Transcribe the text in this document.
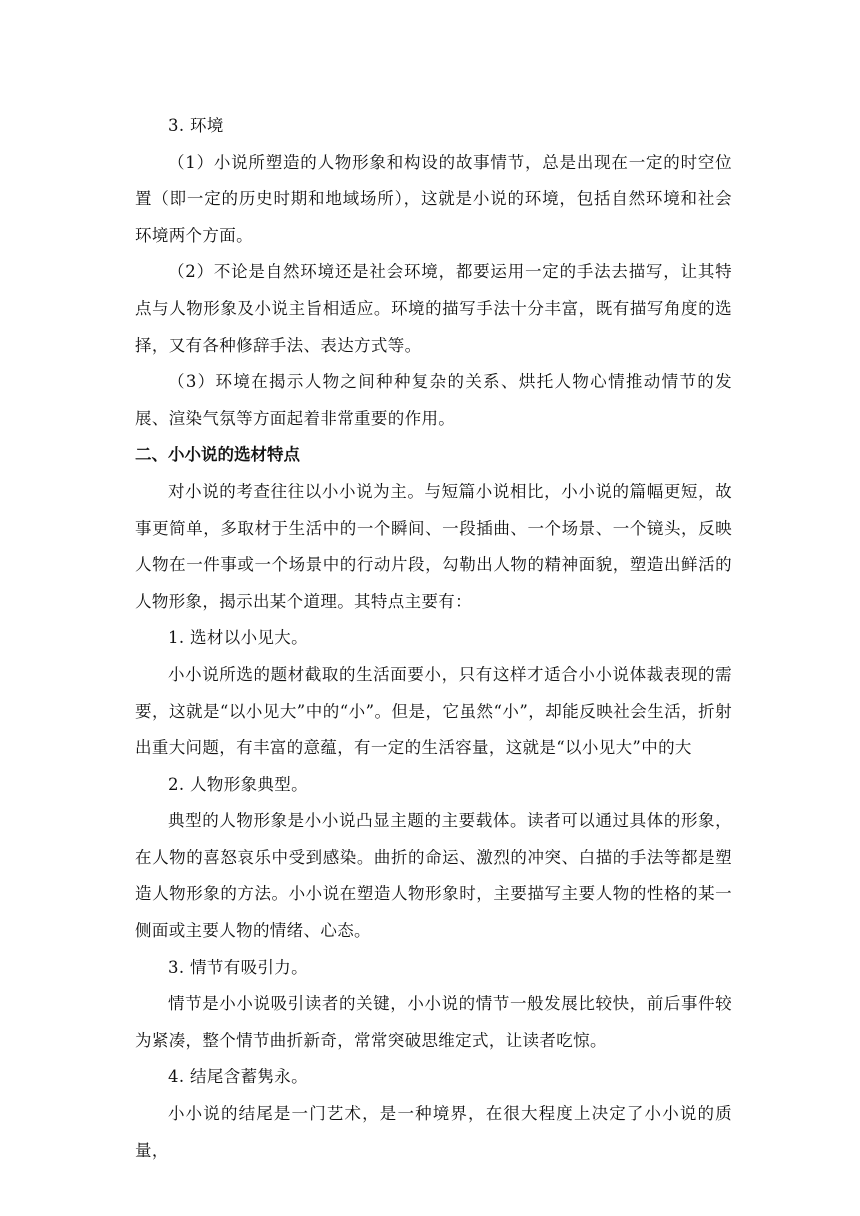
3. 环境

（1）小说所塑造的人物形象和构设的故事情节，总是出现在一定的时空位置（即一定的历史时期和地域场所），这就是小说的环境，包括自然环境和社会环境两个方面。

（2）不论是自然环境还是社会环境，都要运用一定的手法去描写，让其特点与人物形象及小说主旨相适应。环境的描写手法十分丰富，既有描写角度的选择，又有各种修辞手法、表达方式等。

（3）环境在揭示人物之间种种复杂的关系、烘托人物心情推动情节的发展、渲染气氛等方面起着非常重要的作用。

二、小小说的选材特点

对小说的考查往往以小小说为主。与短篇小说相比，小小说的篇幅更短，故事更简单，多取材于生活中的一个瞬间、一段插曲、一个场景、一个镜头，反映人物在一件事或一个场景中的行动片段，勾勒出人物的精神面貌，塑造出鲜活的人物形象，揭示出某个道理。其特点主要有：

1. 选材以小见大。

小小说所选的题材截取的生活面要小，只有这样才适合小小说体裁表现的需要，这就是“以小见大”中的“小”。但是，它虽然“小”，却能反映社会生活，折射出重大问题，有丰富的意蕴，有一定的生活容量，这就是“以小见大”中的大

2. 人物形象典型。

典型的人物形象是小小说凸显主题的主要载体。读者可以通过具体的形象，在人物的喜怒哀乐中受到感染。曲折的命运、激烈的冲突、白描的手法等都是塑造人物形象的方法。小小说在塑造人物形象时，主要描写主要人物的性格的某一侧面或主要人物的情绪、心态。

3. 情节有吸引力。

情节是小小说吸引读者的关键，小小说的情节一般发展比较快，前后事件较为紧凑，整个情节曲折新奇，常常突破思维定式，让读者吃惊。

4. 结尾含蓄隽永。

小小说的结尾是一门艺术，是一种境界，在很大程度上决定了小小说的质量，
